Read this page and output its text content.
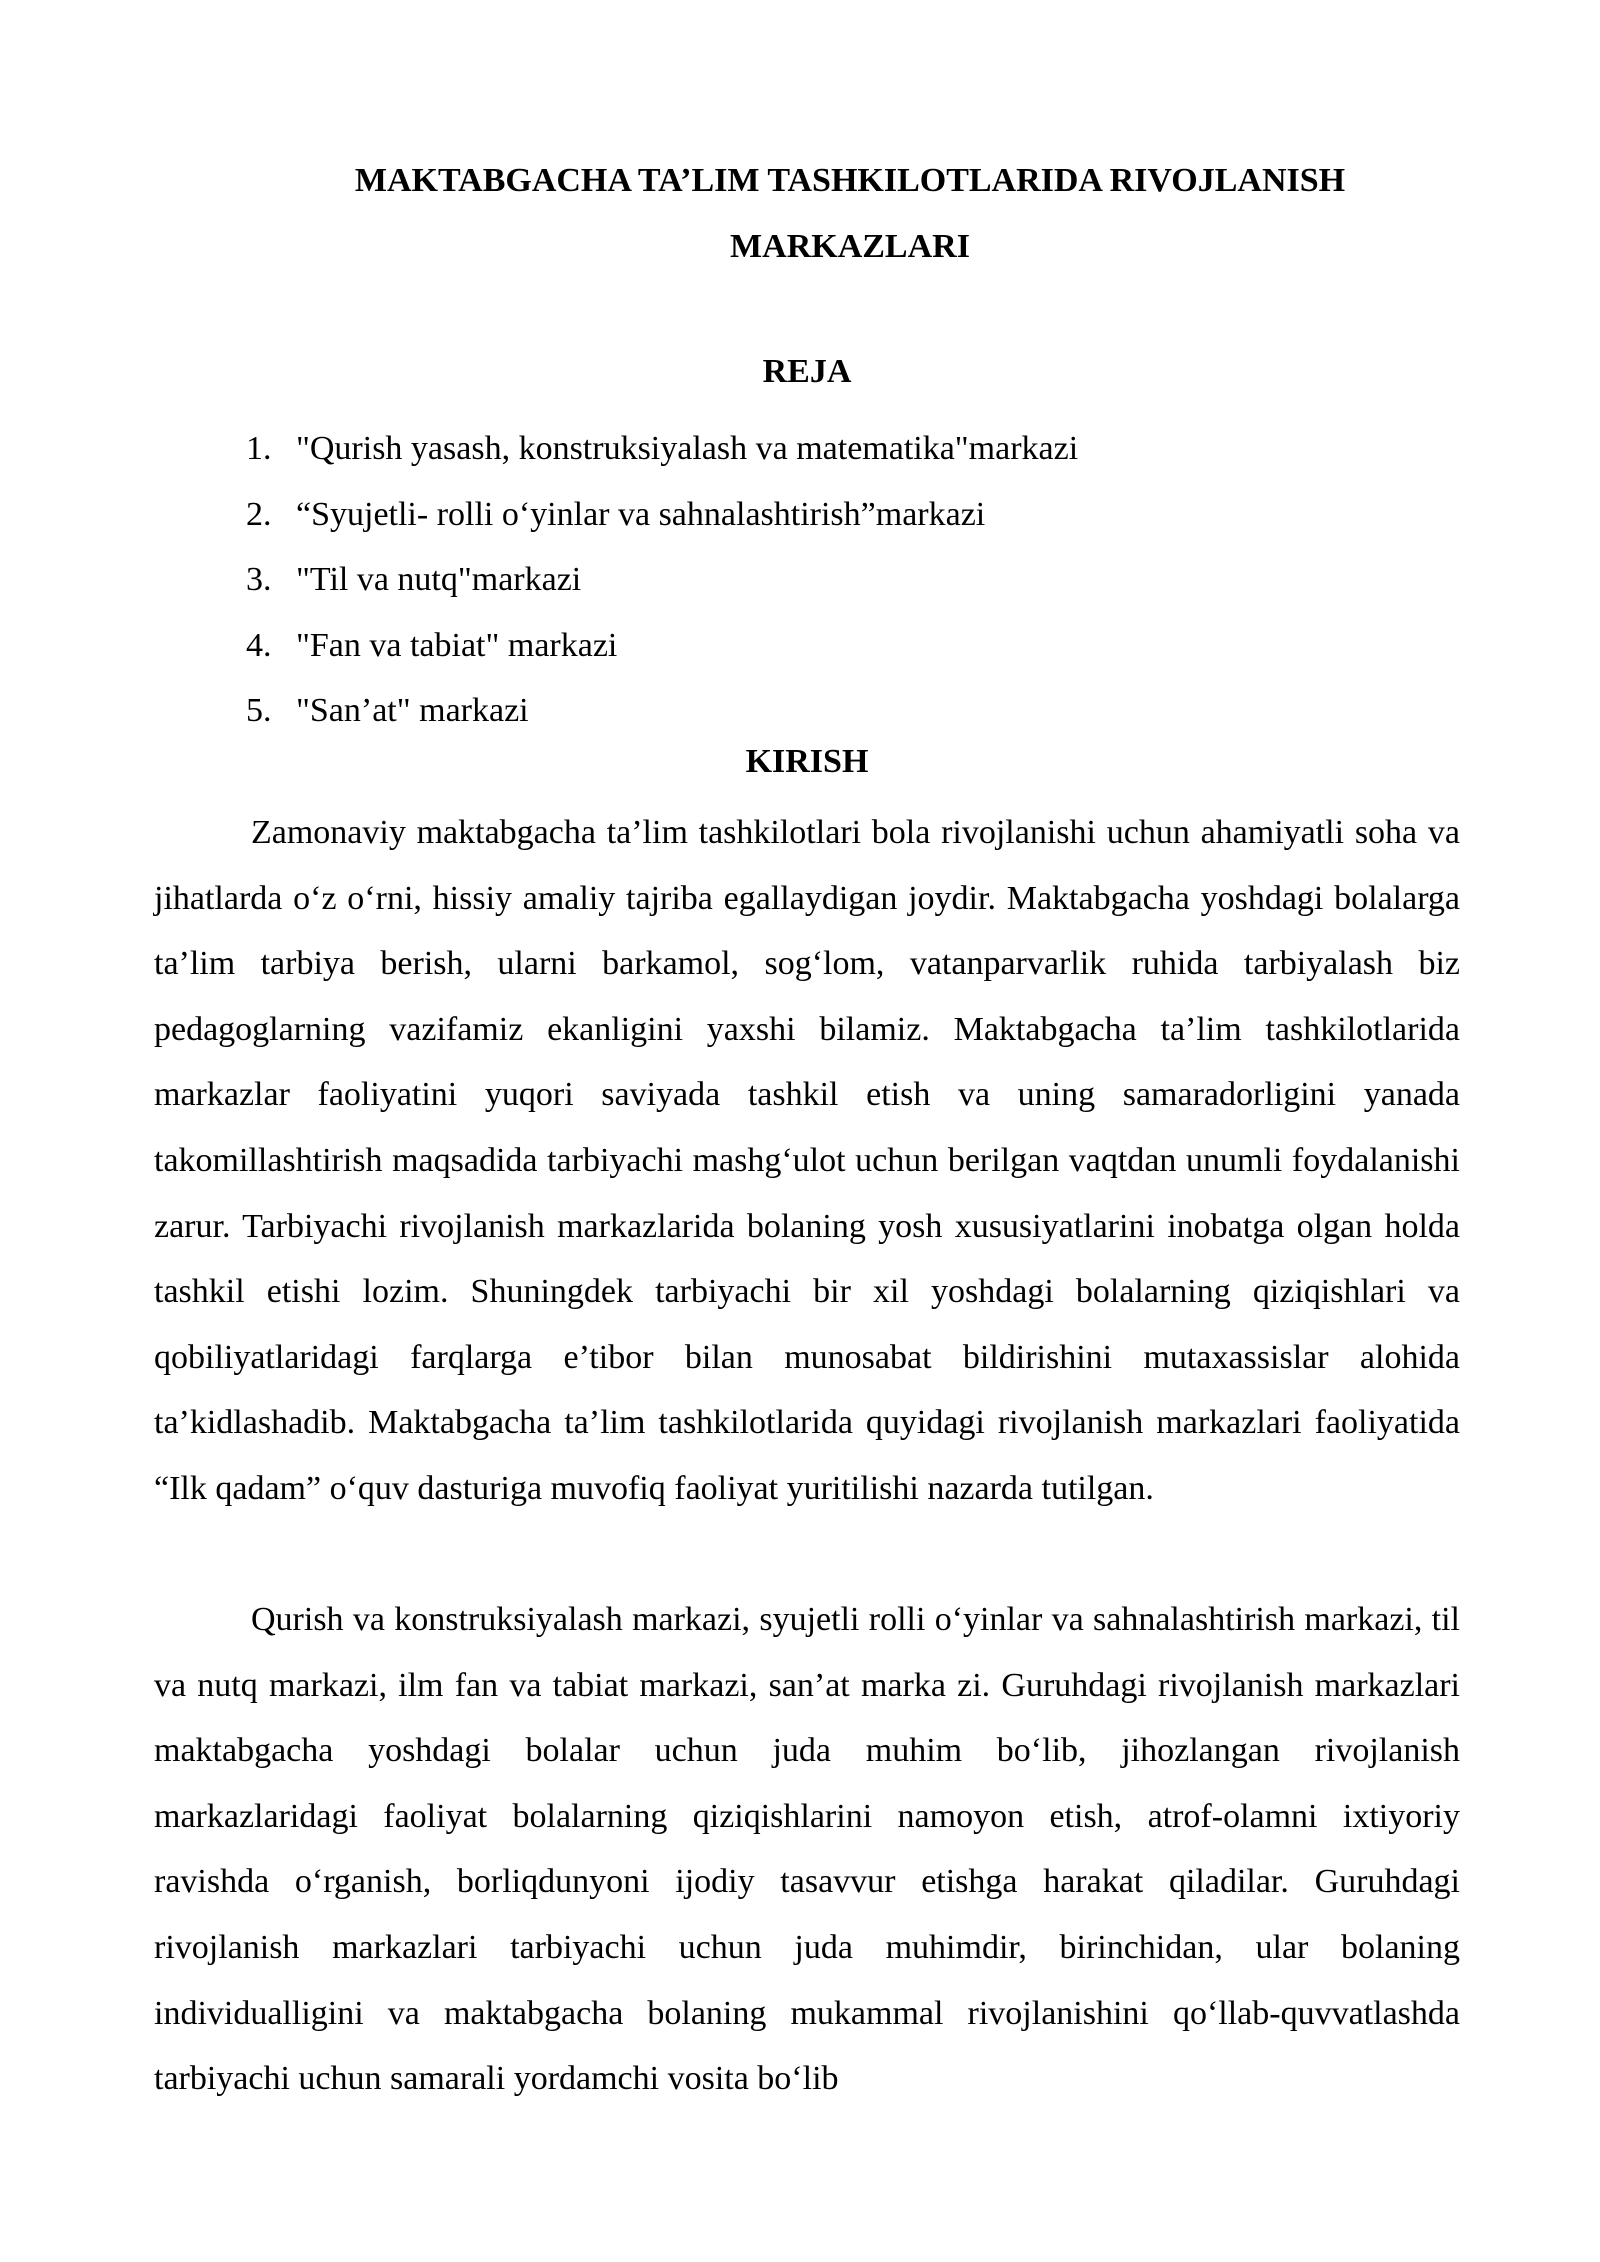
MAKTABGACHA TA’LIM TASHKILOTLARIDA RIVOJLANISH MARKAZLARI
REJA
1. "Qurish yasash, konstruksiyalash va matematika"markazi
2. “Syujetli- rolli o‘yinlar va sahnalashtirish”markazi
3. "Til va nutq"markazi
4. "Fan va tabiat" markazi
5. "San’at" markazi
KIRISH

Zamonaviy maktabgacha ta’lim tashkilotlari bola rivojlanishi uchun ahamiyatli soha va jihatlarda o‘z o‘rni, hissiy amaliy tajriba egallaydigan joydir. Maktabgacha yoshdagi bolalarga ta’lim tarbiya berish, ularni barkamol, sog‘lom, vatanparvarlik ruhida tarbiyalash biz pedagoglarning vazifamiz ekanligini yaxshi bilamiz. Maktabgacha ta’lim tashkilotlarida markazlar faoliyatini yuqori saviyada tashkil etish va uning samaradorligini yanada takomillashtirish maqsadida tarbiyachi mashg‘ulot uchun berilgan vaqtdan unumli foydalanishi zarur. Tarbiyachi rivojlanish markazlarida bolaning yosh xususiyatlarini inobatga olgan holda tashkil etishi lozim. Shuningdek tarbiyachi bir xil yoshdagi bolalarning qiziqishlari va qobiliyatlaridagi farqlarga e’tibor bilan munosabat bildirishini mutaxassislar alohida ta’kidlashadib. Maktabgacha ta’lim tashkilotlarida quyidagi rivojlanish markazlari faoliyatida “Ilk qadam” o‘quv dasturiga muvofiq faoliyat yuritilishi nazarda tutilgan.

Qurish va konstruksiyalash markazi, syujetli rolli o‘yinlar va sahnalashtirish markazi, til va nutq markazi, ilm fan va tabiat markazi, san’at marka zi. Guruhdagi rivojlanish markazlari maktabgacha yoshdagi bolalar uchun juda muhim bo‘lib, jihozlangan rivojlanish markazlaridagi faoliyat bolalarning qiziqishlarini namoyon etish, atrof-olamni ixtiyoriy ravishda o‘rganish, borliqdunyoni ijodiy tasavvur etishga harakat qiladilar. Guruhdagi rivojlanish markazlari tarbiyachi uchun juda muhimdir, birinchidan, ular bolaning individualligini va maktabgacha bolaning mukammal rivojlanishini qo‘llab-quvvatlashda tarbiyachi uchun samarali yordamchi vosita bo‘lib
